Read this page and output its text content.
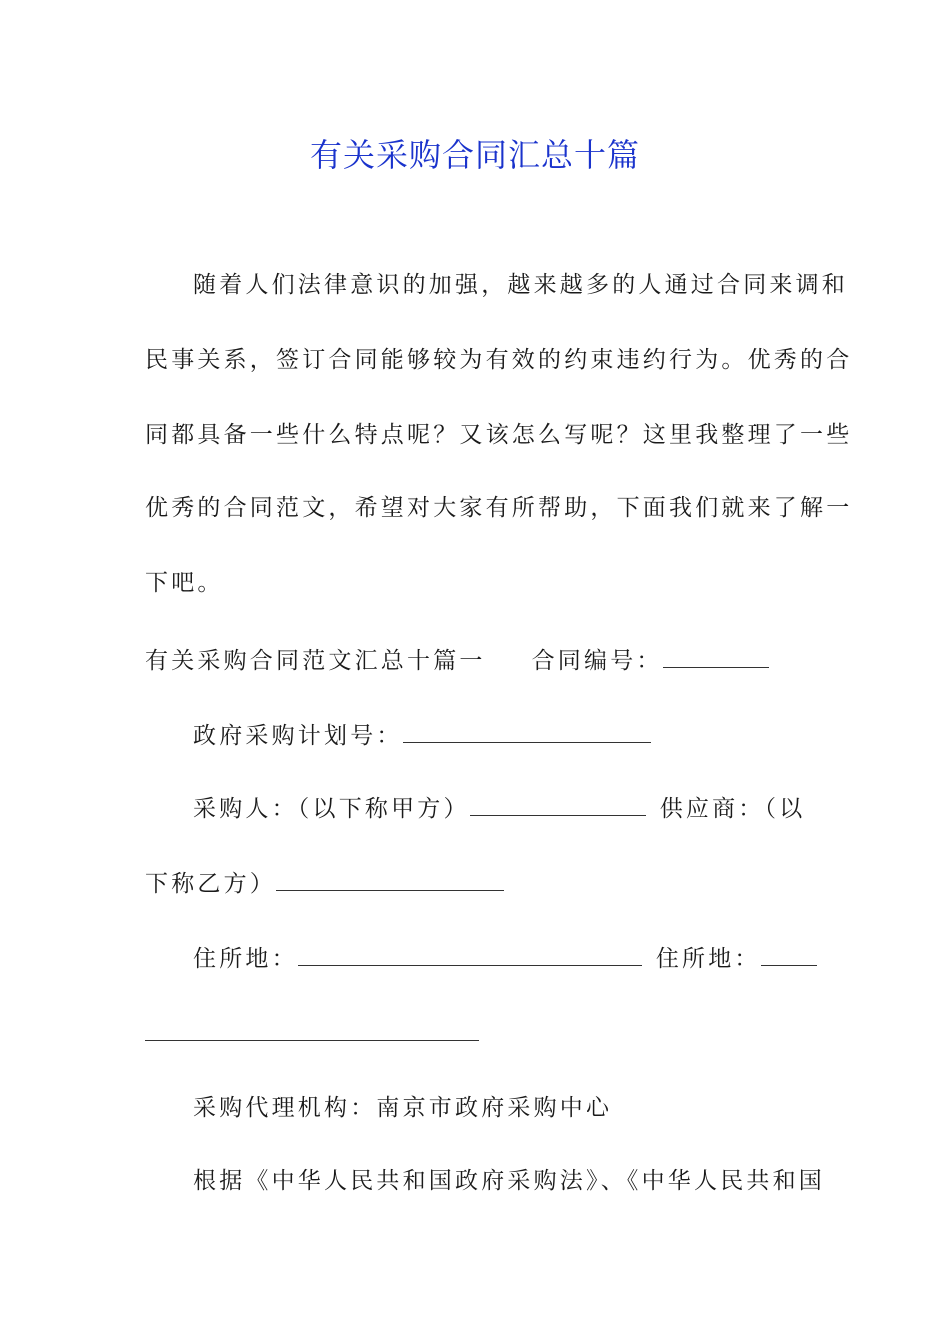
有关采购合同汇总十篇
随着人们法律意识的加强，越来越多的人通过合同来调和
民事关系，签订合同能够较为有效的约束违约行为。优秀的合
同都具备一些什么特点呢？又该怎么写呢？这里我整理了一些
优秀的合同范文，希望对大家有所帮助，下面我们就来了解一
下吧。
有关采购合同范文汇总十篇一 合同编号：
政府采购计划号：
采购人：（以下称甲方）	供应商：（以
下称乙方）
住所地：	住所地：
采购代理机构：南京市政府采购中心
根据《中华人民共和国政府采购法》、《中华人民共和国
